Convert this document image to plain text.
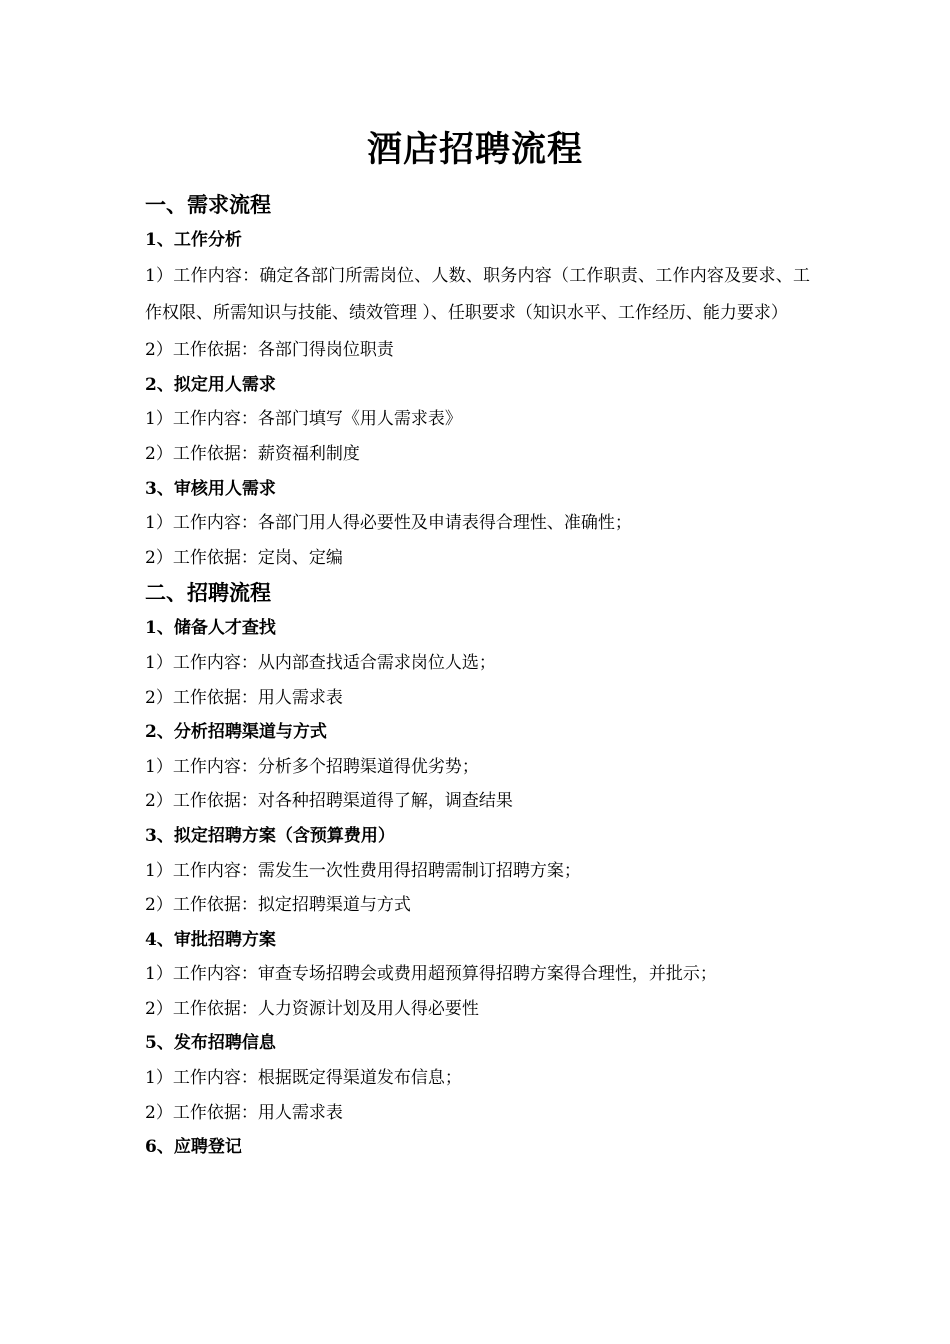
酒店招聘流程
一、需求流程
1、工作分析
1）工作内容：确定各部门所需岗位、人数、职务内容（工作职责、工作内容及要求、工作权限、所需知识与技能、绩效管理 ）、任职要求（知识水平、工作经历、能力要求）
2）工作依据：各部门得岗位职责
2、拟定用人需求
1）工作内容：各部门填写《用人需求表》
2）工作依据：薪资福利制度
3、审核用人需求
1）工作内容：各部门用人得必要性及申请表得合理性、准确性；
2）工作依据：定岗、定编
二、招聘流程
1、储备人才查找
1）工作内容：从内部查找适合需求岗位人选；
2）工作依据：用人需求表
2、分析招聘渠道与方式
1）工作内容：分析多个招聘渠道得优劣势；
2）工作依据：对各种招聘渠道得了解，调查结果
3、拟定招聘方案（含预算费用）
1）工作内容：需发生一次性费用得招聘需制订招聘方案；
2）工作依据：拟定招聘渠道与方式
4、审批招聘方案
1）工作内容：审查专场招聘会或费用超预算得招聘方案得合理性，并批示；
2）工作依据：人力资源计划及用人得必要性
5、发布招聘信息
1）工作内容：根据既定得渠道发布信息；
2）工作依据：用人需求表
6、应聘登记
